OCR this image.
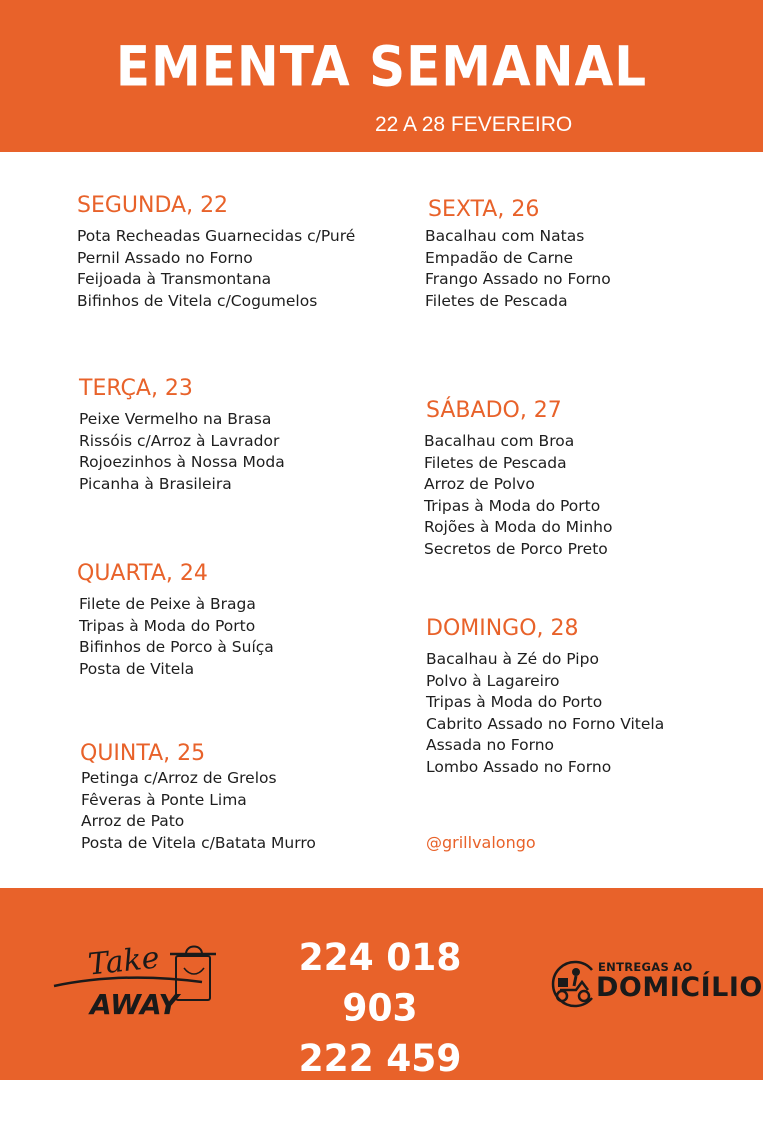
EMENTA SEMANAL
22 A 28 FEVEREIRO
SEGUNDA, 22
Pota Recheadas Guarnecidas c/Puré
Pernil Assado no Forno
Feijoada à Transmontana
Bifinhos de Vitela c/Cogumelos
TERÇA, 23
Peixe Vermelho na Brasa
Rissóis c/Arroz à Lavrador
Rojoezinhos à Nossa Moda
Picanha à Brasileira
QUARTA, 24
Filete de Peixe à Braga
Tripas à Moda do Porto
Bifinhos de Porco à Suíça
Posta de Vitela
QUINTA, 25
Petinga c/Arroz de Grelos
Fêveras à Ponte Lima
Arroz de Pato
Posta de Vitela c/Batata Murro
SEXTA, 26
Bacalhau com Natas
Empadão de Carne
Frango Assado no Forno
Filetes de Pescada
SÁBADO, 27
Bacalhau com Broa
Filetes de Pescada
Arroz de Polvo
Tripas à Moda do Porto
Rojões à Moda do Minho
Secretos de Porco Preto
DOMINGO, 28
Bacalhau à Zé do Pipo
Polvo à Lagareiro
Tripas à Moda do Porto
Cabrito Assado no Forno Vitela
Assada no Forno
Lombo Assado no Forno
@grillvalongo
Take
AWAY
224 018 903
222 459 803
ENTREGAS AO
DOMICÍLIO
